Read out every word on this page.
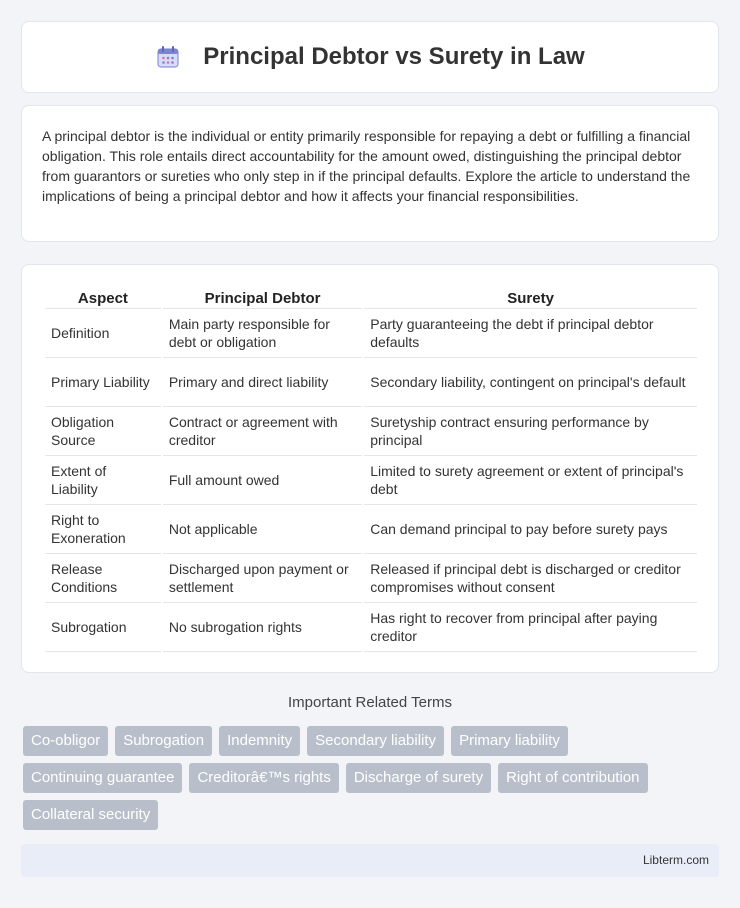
Principal Debtor vs Surety in Law

A principal debtor is the individual or entity primarily responsible for repaying a debt or fulfilling a financial obligation. This role entails direct accountability for the amount owed, distinguishing the principal debtor from guarantors or sureties who only step in if the principal defaults. Explore the article to understand the implications of being a principal debtor and how it affects your financial responsibilities.

Aspect	Principal Debtor	Surety
Definition	Main party responsible for debt or obligation	Party guaranteeing the debt if principal debtor defaults
Primary Liability	Primary and direct liability	Secondary liability, contingent on principal's default
Obligation Source	Contract or agreement with creditor	Suretyship contract ensuring performance by principal
Extent of Liability	Full amount owed	Limited to surety agreement or extent of principal's debt
Right to Exoneration	Not applicable	Can demand principal to pay before surety pays
Release Conditions	Discharged upon payment or settlement	Released if principal debt is discharged or creditor compromises without consent
Subrogation	No subrogation rights	Has right to recover from principal after paying creditor
Important Related Terms
Co-obligor	Subrogation	Indemnity	Secondary liability	Primary liability
Continuing guarantee	Creditorâ€™s rights	Discharge of surety	Right of contribution
Collateral security
Libterm.com
